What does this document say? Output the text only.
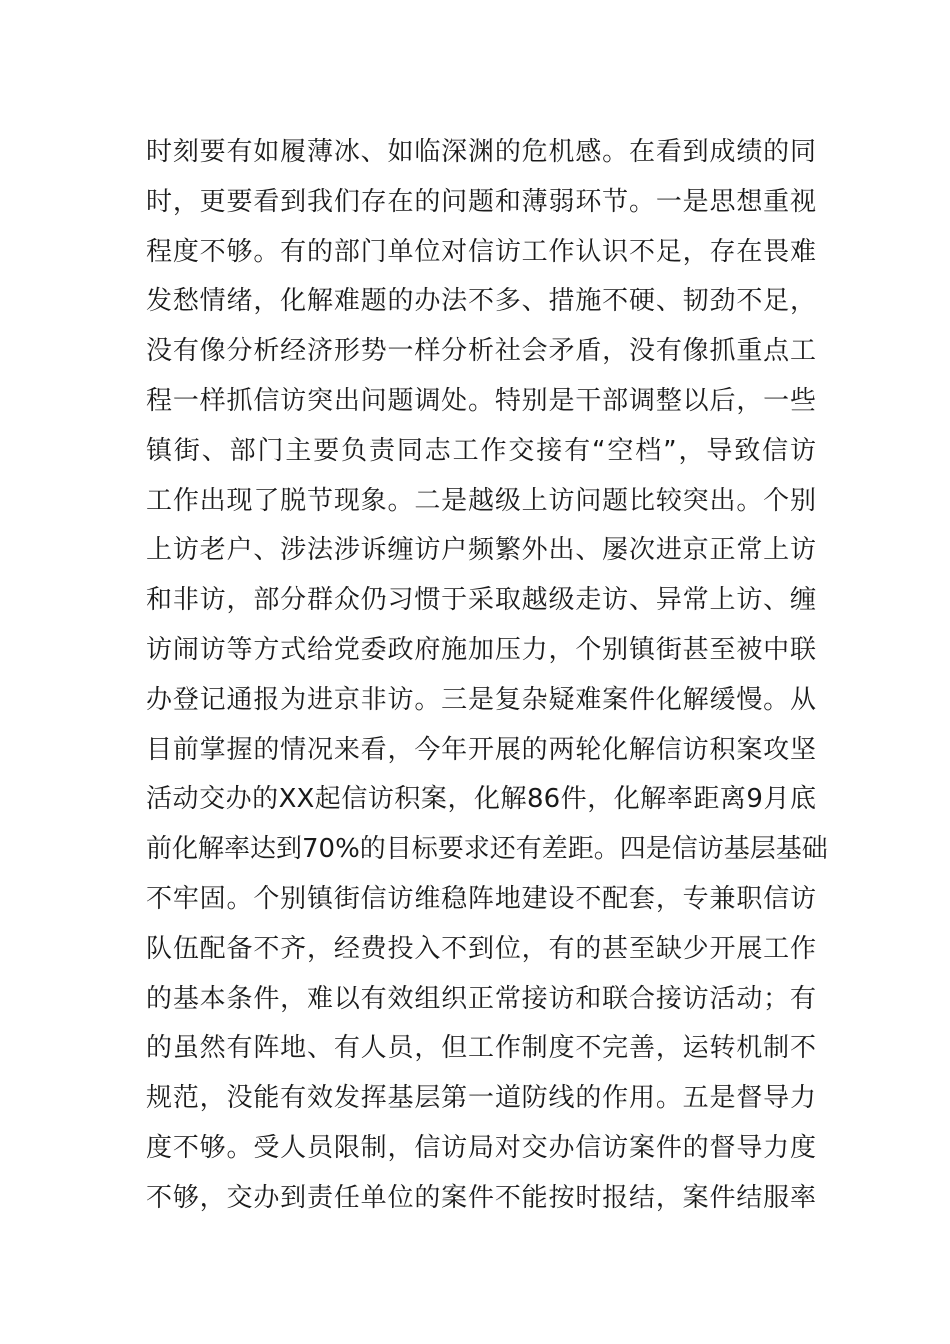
时刻要有如履薄冰、如临深渊的危机感。在看到成绩的同
时，更要看到我们存在的问题和薄弱环节。一是思想重视
程度不够。有的部门单位对信访工作认识不足，存在畏难
发愁情绪，化解难题的办法不多、措施不硬、韧劲不足，
没有像分析经济形势一样分析社会矛盾，没有像抓重点工
程一样抓信访突出问题调处。特别是干部调整以后，一些
镇街、部门主要负责同志工作交接有“空档”，导致信访
工作出现了脱节现象。二是越级上访问题比较突出。个别
上访老户、涉法涉诉缠访户频繁外出、屡次进京正常上访
和非访，部分群众仍习惯于采取越级走访、异常上访、缠
访闹访等方式给党委政府施加压力，个别镇街甚至被中联
办登记通报为进京非访。三是复杂疑难案件化解缓慢。从
目前掌握的情况来看，今年开展的两轮化解信访积案攻坚
活动交办的XX起信访积案，化解86件，化解率距离9月底
前化解率达到70%的目标要求还有差距。四是信访基层基础
不牢固。个别镇街信访维稳阵地建设不配套，专兼职信访
队伍配备不齐，经费投入不到位，有的甚至缺少开展工作
的基本条件，难以有效组织正常接访和联合接访活动；有
的虽然有阵地、有人员，但工作制度不完善，运转机制不
规范，没能有效发挥基层第一道防线的作用。五是督导力
度不够。受人员限制，信访局对交办信访案件的督导力度
不够，交办到责任单位的案件不能按时报结，案件结服率
